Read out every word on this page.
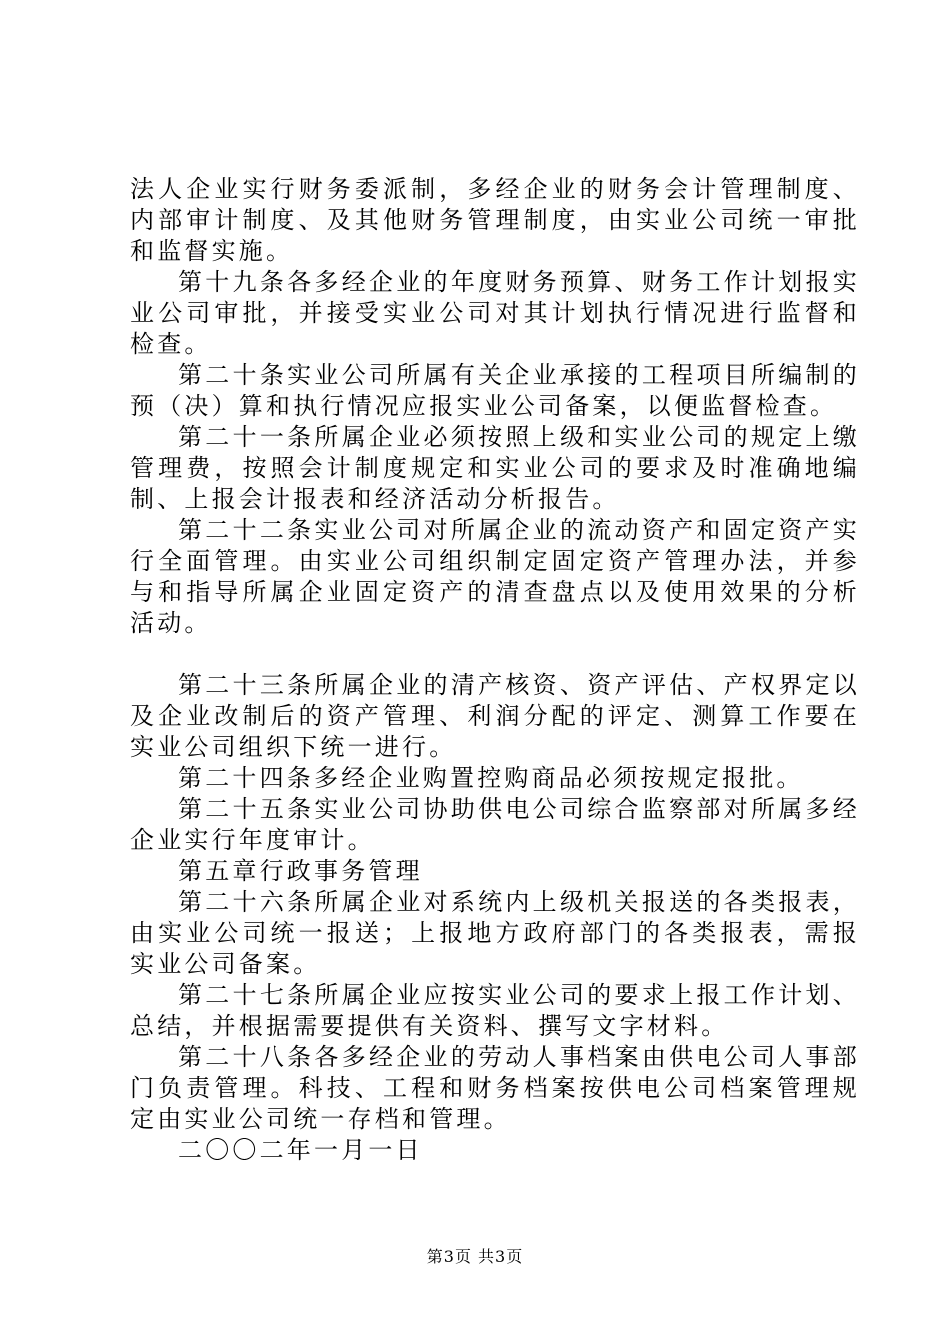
法人企业实行财务委派制，多经企业的财务会计管理制度、内部审计制度、及其他财务管理制度，由实业公司统一审批和监督实施。

第十九条各多经企业的年度财务预算、财务工作计划报实业公司审批，并接受实业公司对其计划执行情况进行监督和检查。

第二十条实业公司所属有关企业承接的工程项目所编制的预（决）算和执行情况应报实业公司备案，以便监督检查。

第二十一条所属企业必须按照上级和实业公司的规定上缴管理费，按照会计制度规定和实业公司的要求及时准确地编制、上报会计报表和经济活动分析报告。

第二十二条实业公司对所属企业的流动资产和固定资产实行全面管理。由实业公司组织制定固定资产管理办法，并参与和指导所属企业固定资产的清查盘点以及使用效果的分析活动。

第二十三条所属企业的清产核资、资产评估、产权界定以及企业改制后的资产管理、利润分配的评定、测算工作要在实业公司组织下统一进行。

第二十四条多经企业购置控购商品必须按规定报批。

第二十五条实业公司协助供电公司综合监察部对所属多经企业实行年度审计。

第五章行政事务管理

第二十六条所属企业对系统内上级机关报送的各类报表，由实业公司统一报送；上报地方政府部门的各类报表，需报实业公司备案。

第二十七条所属企业应按实业公司的要求上报工作计划、总结，并根据需要提供有关资料、撰写文字材料。

第二十八条各多经企业的劳动人事档案由供电公司人事部门负责管理。科技、工程和财务档案按供电公司档案管理规定由实业公司统一存档和管理。

二〇〇二年一月一日

第3页 共3页
